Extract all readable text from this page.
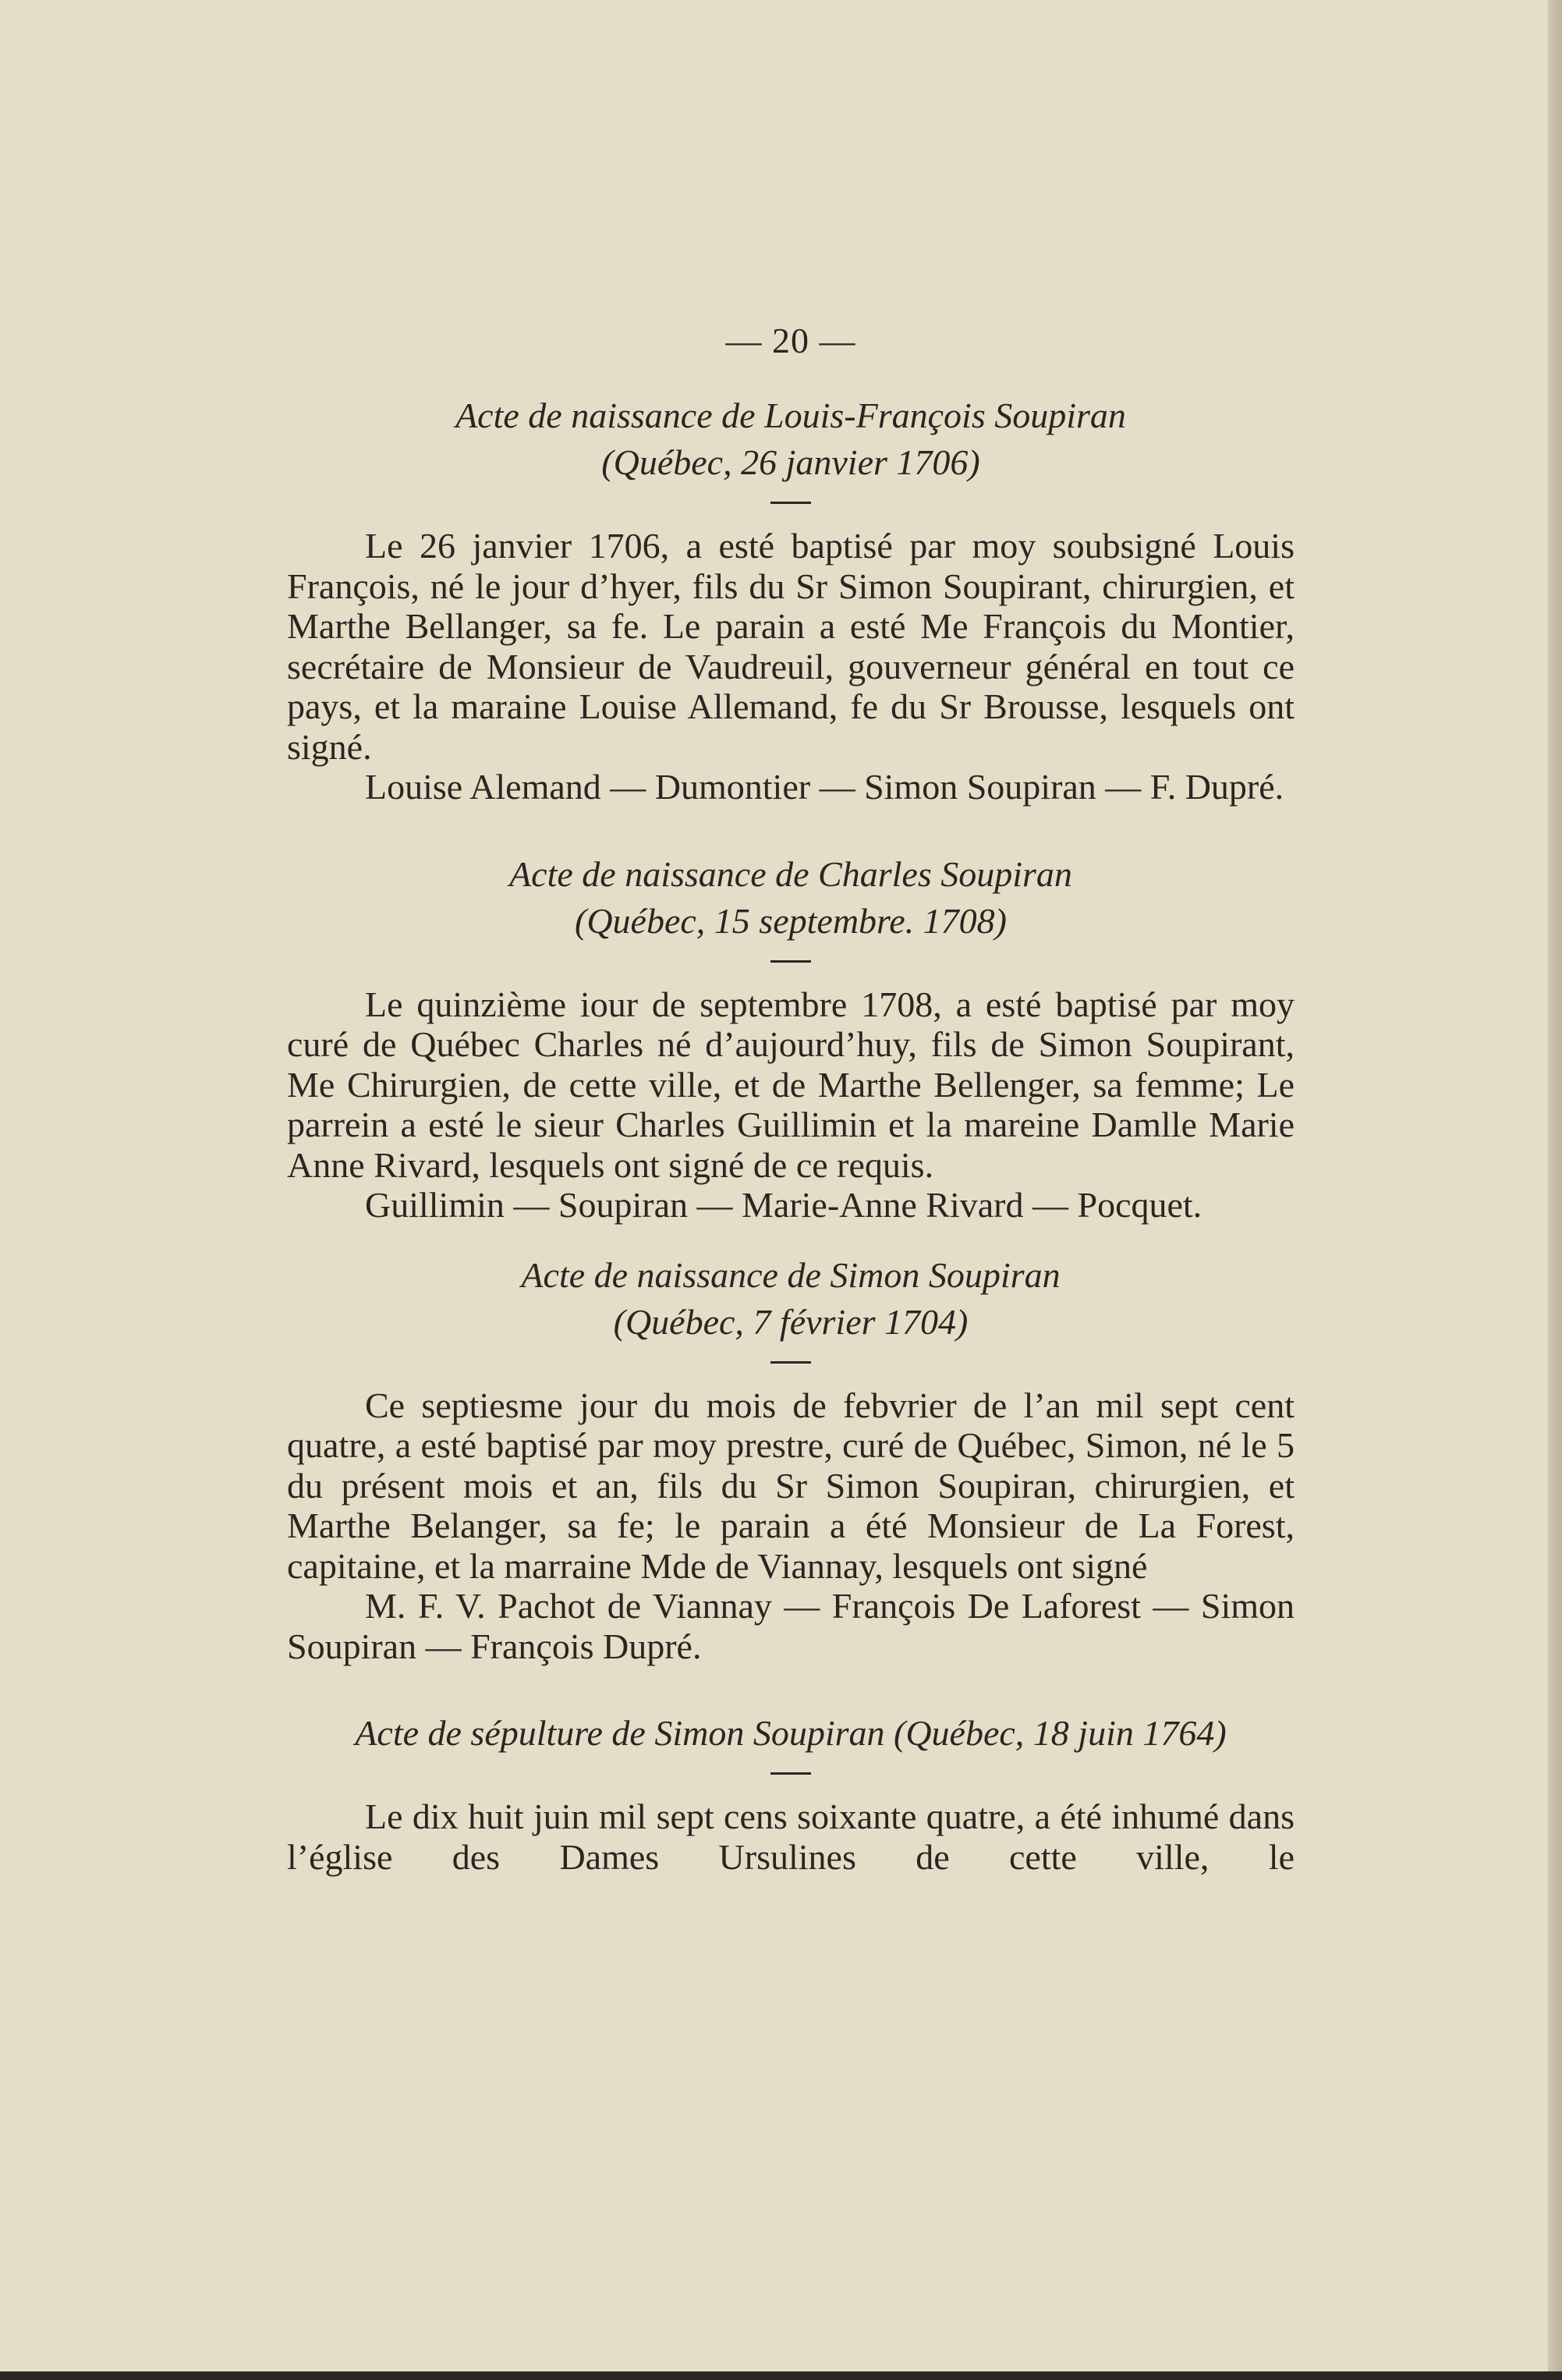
— 20 —

Acte de naissance de Louis-François Soupiran

(Québec, 26 janvier 1706)

Le 26 janvier 1706, a esté baptisé par moy soubsigné Louis François, né le jour d’hyer, fils du Sr Simon Soupirant, chirurgien, et Marthe Bellanger, sa fe. Le parain a esté Me François du Montier, secrétaire de Monsieur de Vaudreuil, gouverneur général en tout ce pays, et la maraine Louise Allemand, fe du Sr Brousse, lesquels ont signé.

Louise Alemand — Dumontier — Simon Soupiran — F. Dupré.

Acte de naissance de Charles Soupiran

(Québec, 15 septembre. 1708)

Le quinzième iour de septembre 1708, a esté baptisé par moy curé de Québec Charles né d’aujourd’huy, fils de Simon Soupirant, Me Chirurgien, de cette ville, et de Marthe Bellenger, sa femme; Le parrein a esté le sieur Charles Guillimin et la mareine Damlle Marie Anne Rivard, lesquels ont signé de ce requis.

Guillimin — Soupiran — Marie-Anne Rivard — Pocquet.

Acte de naissance de Simon Soupiran

(Québec, 7 février 1704)

Ce septiesme jour du mois de febvrier de l’an mil sept cent quatre, a esté baptisé par moy prestre, curé de Québec, Simon, né le 5 du présent mois et an, fils du Sr Simon Soupiran, chirurgien, et Marthe Belanger, sa fe; le parain a été Monsieur de La Forest, capitaine, et la marraine Mde de Viannay, lesquels ont signé

M. F. V. Pachot de Viannay — François De Laforest — Simon Soupiran — François Dupré.

Acte de sépulture de Simon Soupiran (Québec, 18 juin 1764)

Le dix huit juin mil sept cens soixante quatre, a été inhumé dans l’église des Dames Ursulines de cette ville, le
